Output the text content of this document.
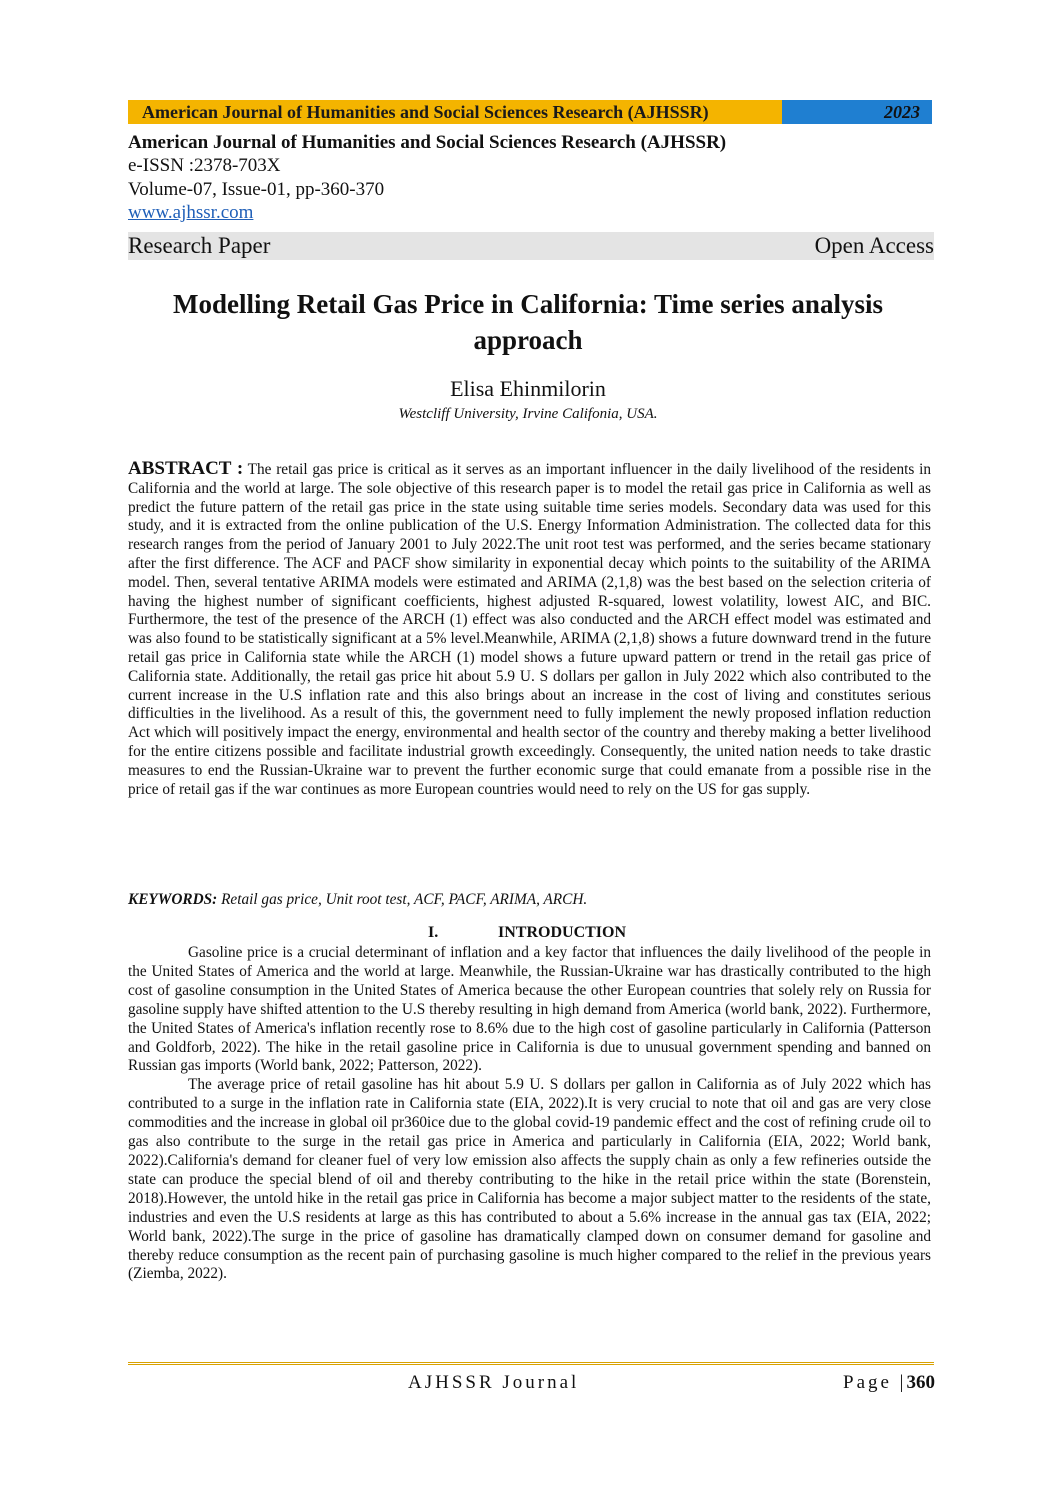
American Journal of Humanities and Social Sciences Research (AJHSSR)	2023
American Journal of Humanities and Social Sciences Research (AJHSSR)
e-ISSN :2378-703X
Volume-07, Issue-01, pp-360-370
www.ajhssr.com
Research Paper	Open Access
Modelling Retail Gas Price in California: Time series analysis approach
Elisa Ehinmilorin
Westcliff University, Irvine Califonia, USA.
ABSTRACT : The retail gas price is critical as it serves as an important influencer in the daily livelihood of the residents in California and the world at large. The sole objective of this research paper is to model the retail gas price in California as well as predict the future pattern of the retail gas price in the state using suitable time series models. Secondary data was used for this study, and it is extracted from the online publication of the U.S. Energy Information Administration. The collected data for this research ranges from the period of January 2001 to July 2022.The unit root test was performed, and the series became stationary after the first difference. The ACF and PACF show similarity in exponential decay which points to the suitability of the ARIMA model. Then, several tentative ARIMA models were estimated and ARIMA (2,1,8) was the best based on the selection criteria of having the highest number of significant coefficients, highest adjusted R-squared, lowest volatility, lowest AIC, and BIC. Furthermore, the test of the presence of the ARCH (1) effect was also conducted and the ARCH effect model was estimated and was also found to be statistically significant at a 5% level.Meanwhile, ARIMA (2,1,8) shows a future downward trend in the future retail gas price in California state while the ARCH (1) model shows a future upward pattern or trend in the retail gas price of California state. Additionally, the retail gas price hit about 5.9 U. S dollars per gallon in July 2022 which also contributed to the current increase in the U.S inflation rate and this also brings about an increase in the cost of living and constitutes serious difficulties in the livelihood. As a result of this, the government need to fully implement the newly proposed inflation reduction Act which will positively impact the energy, environmental and health sector of the country and thereby making a better livelihood for the entire citizens possible and facilitate industrial growth exceedingly. Consequently, the united nation needs to take drastic measures to end the Russian-Ukraine war to prevent the further economic surge that could emanate from a possible rise in the price of retail gas if the war continues as more European countries would need to rely on the US for gas supply.
KEYWORDS: Retail gas price, Unit root test, ACF, PACF, ARIMA, ARCH.
I.	INTRODUCTION

Gasoline price is a crucial determinant of inflation and a key factor that influences the daily livelihood of the people in the United States of America and the world at large. Meanwhile, the Russian-Ukraine war has drastically contributed to the high cost of gasoline consumption in the United States of America because the other European countries that solely rely on Russia for gasoline supply have shifted attention to the U.S thereby resulting in high demand from America (world bank, 2022). Furthermore, the United States of America's inflation recently rose to 8.6% due to the high cost of gasoline particularly in California (Patterson and Goldforb, 2022). The hike in the retail gasoline price in California is due to unusual government spending and banned on Russian gas imports (World bank, 2022; Patterson, 2022).

The average price of retail gasoline has hit about 5.9 U. S dollars per gallon in California as of July 2022 which has contributed to a surge in the inflation rate in California state (EIA, 2022).It is very crucial to note that oil and gas are very close commodities and the increase in global oil pr360ice due to the global covid-19 pandemic effect and the cost of refining crude oil to gas also contribute to the surge in the retail gas price in America and particularly in California (EIA, 2022; World bank, 2022).California's demand for cleaner fuel of very low emission also affects the supply chain as only a few refineries outside the state can produce the special blend of oil and thereby contributing to the hike in the retail price within the state (Borenstein, 2018).However, the untold hike in the retail gas price in California has become a major subject matter to the residents of the state, industries and even the U.S residents at large as this has contributed to about a 5.6% increase in the annual gas tax (EIA, 2022; World bank, 2022).The surge in the price of gasoline has dramatically clamped down on consumer demand for gasoline and thereby reduce consumption as the recent pain of purchasing gasoline is much higher compared to the relief in the previous years (Ziemba, 2022).

AJHSSR Journal	Page |360
